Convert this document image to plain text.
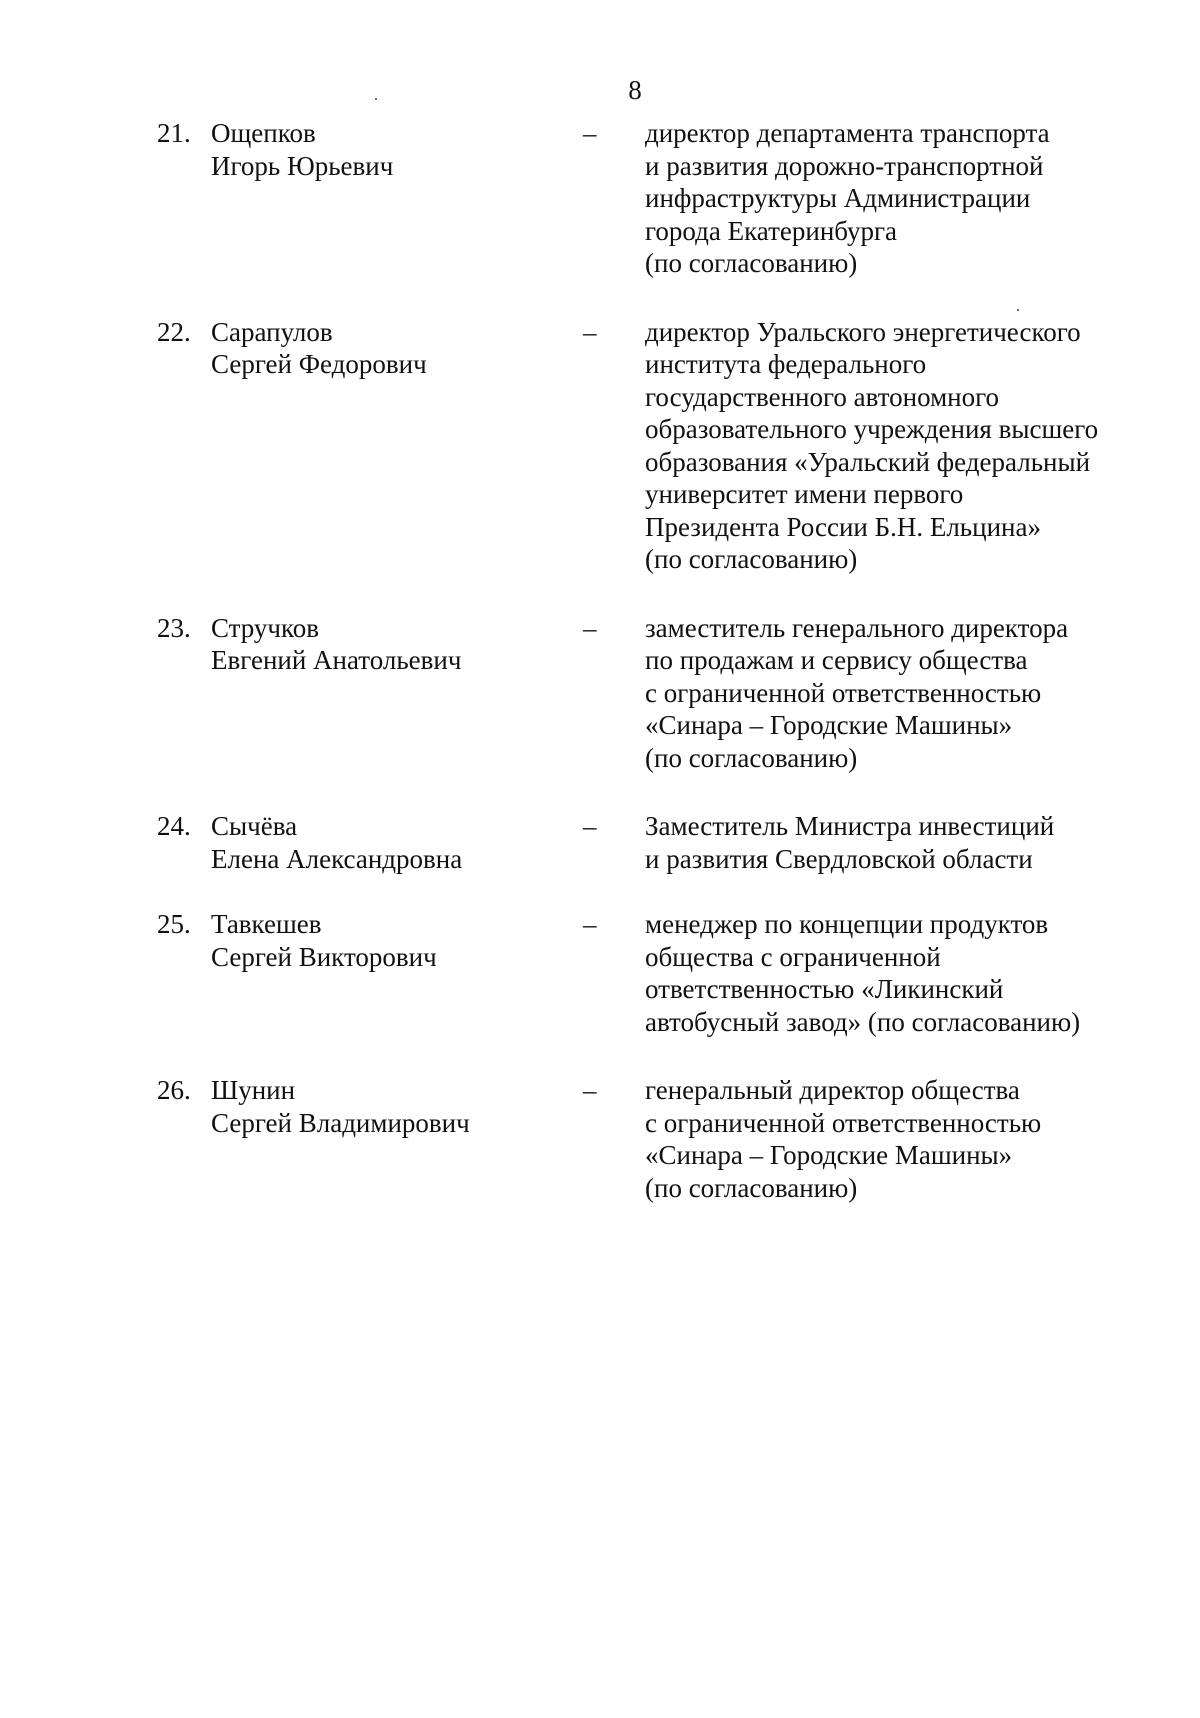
8
21. Ощепков
Игорь Юрьевич
– директор департамента транспорта
и развития дорожно-транспортной
инфраструктуры Администрации
города Екатеринбурга
(по согласованию)
22. Сарапулов
Сергей Федорович
– директор Уральского энергетического
института федерального
государственного автономного
образовательного учреждения высшего
образования «Уральский федеральный
университет имени первого
Президента России Б.Н. Ельцина»
(по согласованию)
23. Стручков
Евгений Анатольевич
– заместитель генерального директора
по продажам и сервису общества
с ограниченной ответственностью
«Синара – Городские Машины»
(по согласованию)
24. Сычёва
Елена Александровна
– Заместитель Министра инвестиций
и развития Свердловской области
25. Тавкешев
Сергей Викторович
– менеджер по концепции продуктов
общества с ограниченной
ответственностью «Ликинский
автобусный завод» (по согласованию)
26. Шунин
Сергей Владимирович
– генеральный директор общества
с ограниченной ответственностью
«Синара – Городские Машины»
(по согласованию)
